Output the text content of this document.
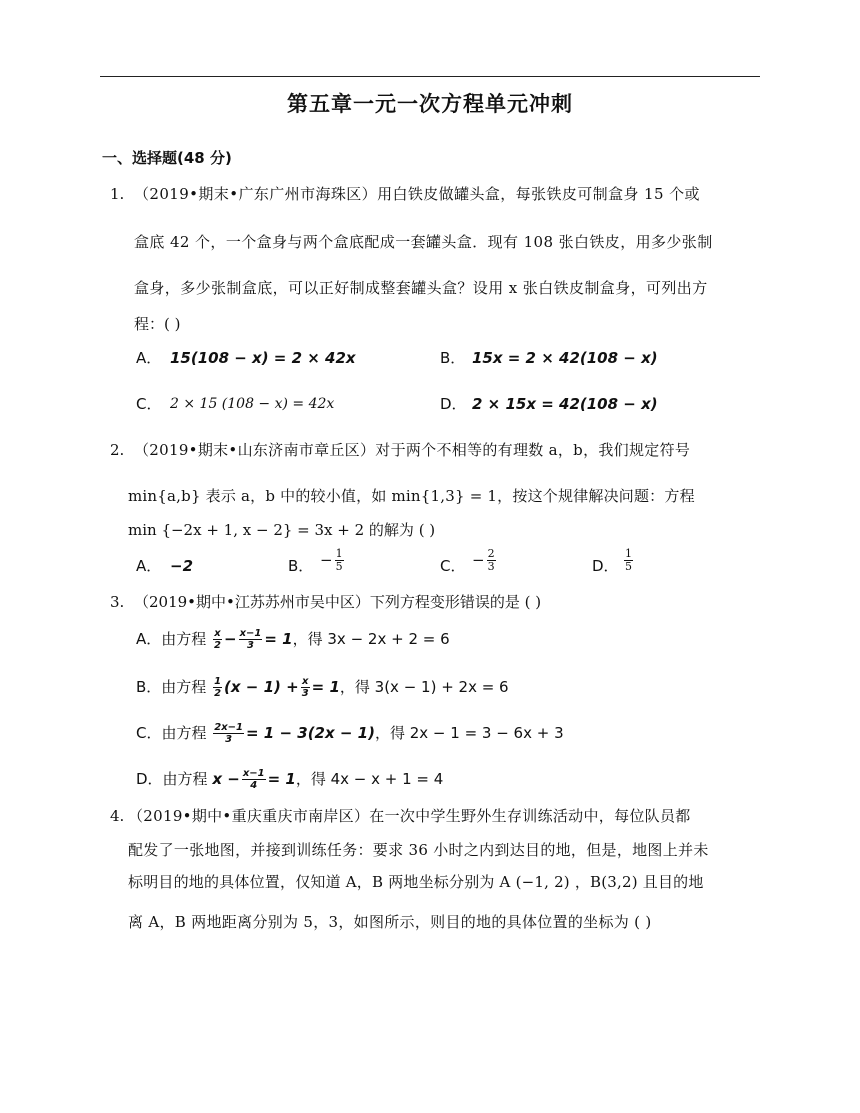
第五章一元一次方程单元冲刺
一、选择题(48 分)
1. （2019•期末•广东广州市海珠区）用白铁皮做罐头盒，每张铁皮可制盒身 15 个或
盒底 42 个，一个盒身与两个盒底配成一套罐头盒．现有 108 张白铁皮，用多少张制
盒身，多少张制盒底，可以正好制成整套罐头盒？设用 x 张白铁皮制盒身，可列出方
程：( )
A． 15(108 − x) = 2 × 42x	B． 15x = 2 × 42(108 − x)
C． 2 × 15 (108 − x) = 42x	D． 2 × 15x = 42(108 − x)
2. （2019•期末•山东济南市章丘区）对于两个不相等的有理数 a，b，我们规定符号
min{a,b} 表示 a，b 中的较小值，如 min{1,3} = 1，按这个规律解决问题：方程
min {−2x + 1, x − 2} = 3x + 2 的解为 ( )
A． −2	B． − $\frac{1}{5}$	C． − $\frac{2}{3}$	D． $\frac{1}{5}$
3. （2019•期中•江苏苏州市吴中区）下列方程变形错误的是 ( )
A．由方程 $\frac{x}{2} - \frac{x-1}{3} = 1$，得 3x − 2x + 2 = 6
B．由方程 $\frac{1}{2} (x - 1) + \frac{x}{3} = 1$，得 3(x − 1) + 2x = 6
C．由方程 $\frac{2x-1}{3} = 1 - 3(2x - 1)$，得 2x − 1 = 3 − 6x + 3
D．由方程 $x - \frac{x-1}{4} = 1$，得 4x − x + 1 = 4
4. （2019•期中•重庆重庆市南岸区）在一次中学生野外生存训练活动中，每位队员都
配发了一张地图，并接到训练任务：要求 36 小时之内到达目的地，但是，地图上并未
标明目的地的具体位置，仅知道 A，B 两地坐标分别为 A (−1, 2) ，B(3,2) 且目的地
离 A，B 两地距离分别为 5，3，如图所示，则目的地的具体位置的坐标为 ( )
